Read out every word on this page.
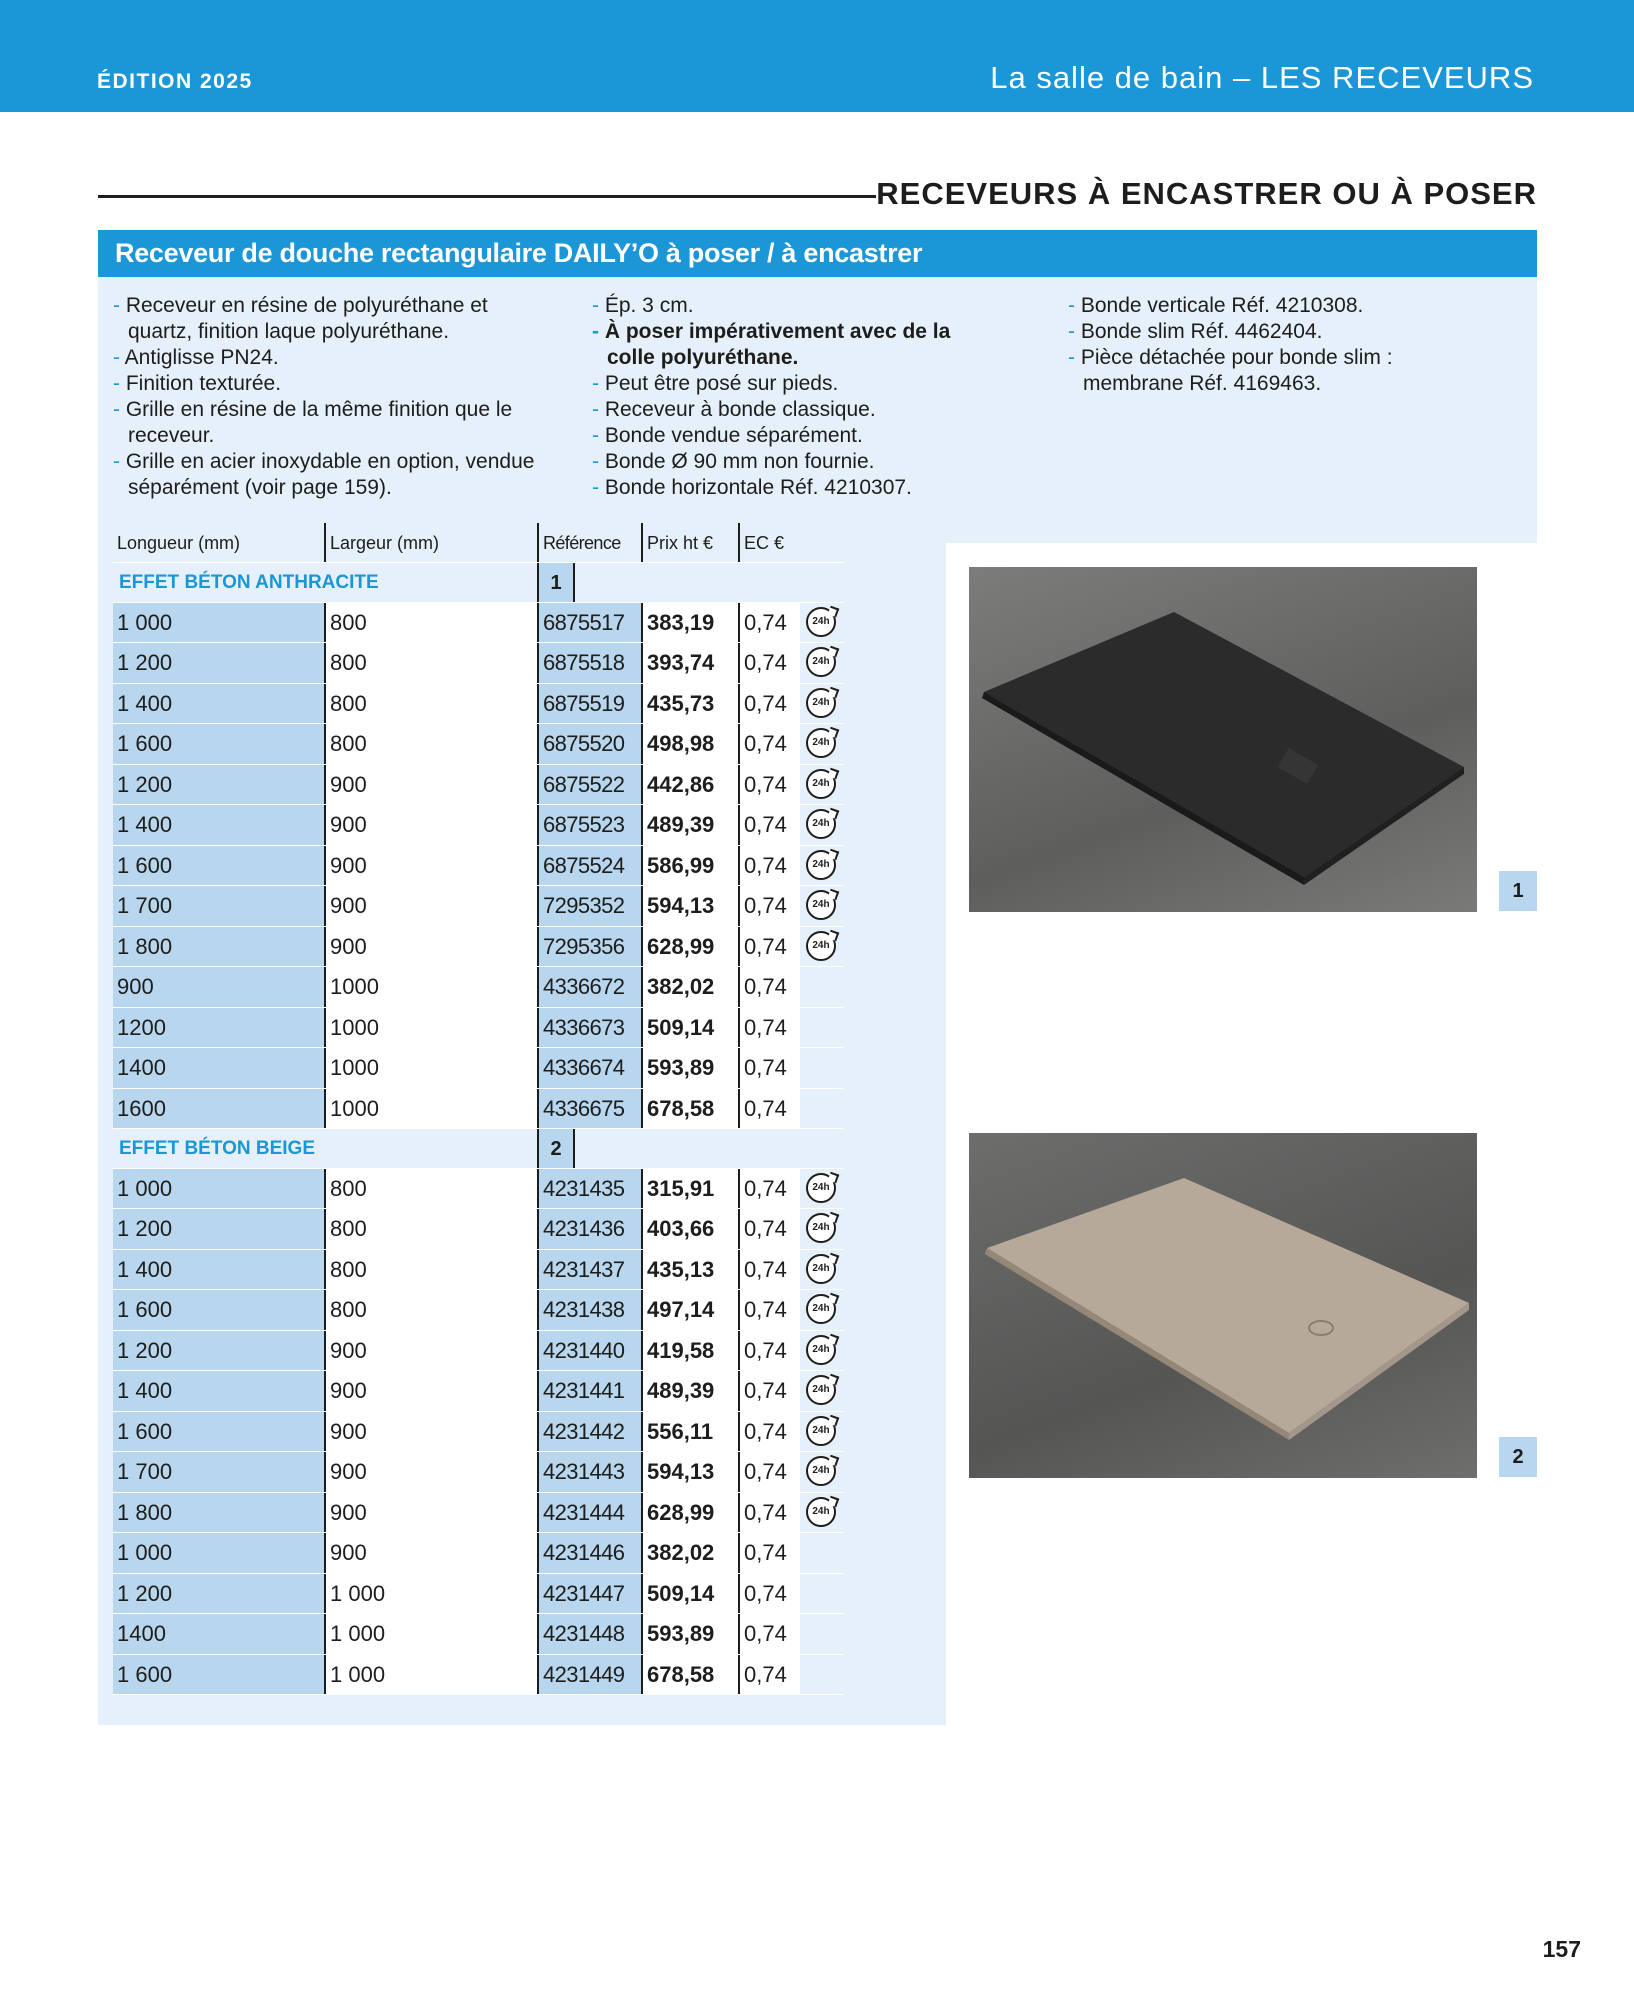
ÉDITION 2025	La salle de bain – LES RECEVEURS
RECEVEURS À ENCASTRER OU À POSER
Receveur de douche rectangulaire DAILY’O à poser / à encastrer
- Receveur en résine de polyuréthane et quartz, finition laque polyuréthane.
- Antiglisse PN24.
- Finition texturée.
- Grille en résine de la même finition que le receveur.
- Grille en acier inoxydable en option, vendue séparément (voir page 159).
- Ép. 3 cm.
- À poser impérativement avec de la colle polyuréthane.
- Peut être posé sur pieds.
- Receveur à bonde classique.
- Bonde vendue séparément.
- Bonde Ø 90 mm non fournie.
- Bonde horizontale Réf. 4210307.
- Bonde verticale Réf. 4210308.
- Bonde slim Réf. 4462404.
- Pièce détachée pour bonde slim : membrane Réf. 4169463.
Longueur (mm)	Largeur (mm)	Référence	Prix ht €	EC €
EFFET BÉTON ANTHRACITE	1
1 000	800	6875517	383,19	0,74	24h
1 200	800	6875518	393,74	0,74	24h
1 400	800	6875519	435,73	0,74	24h
1 600	800	6875520	498,98	0,74	24h
1 200	900	6875522	442,86	0,74	24h
1 400	900	6875523	489,39	0,74	24h
1 600	900	6875524	586,99	0,74	24h
1 700	900	7295352	594,13	0,74	24h
1 800	900	7295356	628,99	0,74	24h
900	1000	4336672	382,02	0,74
1200	1000	4336673	509,14	0,74
1400	1000	4336674	593,89	0,74
1600	1000	4336675	678,58	0,74
EFFET BÉTON BEIGE	2
1 000	800	4231435	315,91	0,74	24h
1 200	800	4231436	403,66	0,74	24h
1 400	800	4231437	435,13	0,74	24h
1 600	800	4231438	497,14	0,74	24h
1 200	900	4231440	419,58	0,74	24h
1 400	900	4231441	489,39	0,74	24h
1 600	900	4231442	556,11	0,74	24h
1 700	900	4231443	594,13	0,74	24h
1 800	900	4231444	628,99	0,74	24h
1 000	900	4231446	382,02	0,74
1 200	1 000	4231447	509,14	0,74
1400	1 000	4231448	593,89	0,74
1 600	1 000	4231449	678,58	0,74
1
2
157
